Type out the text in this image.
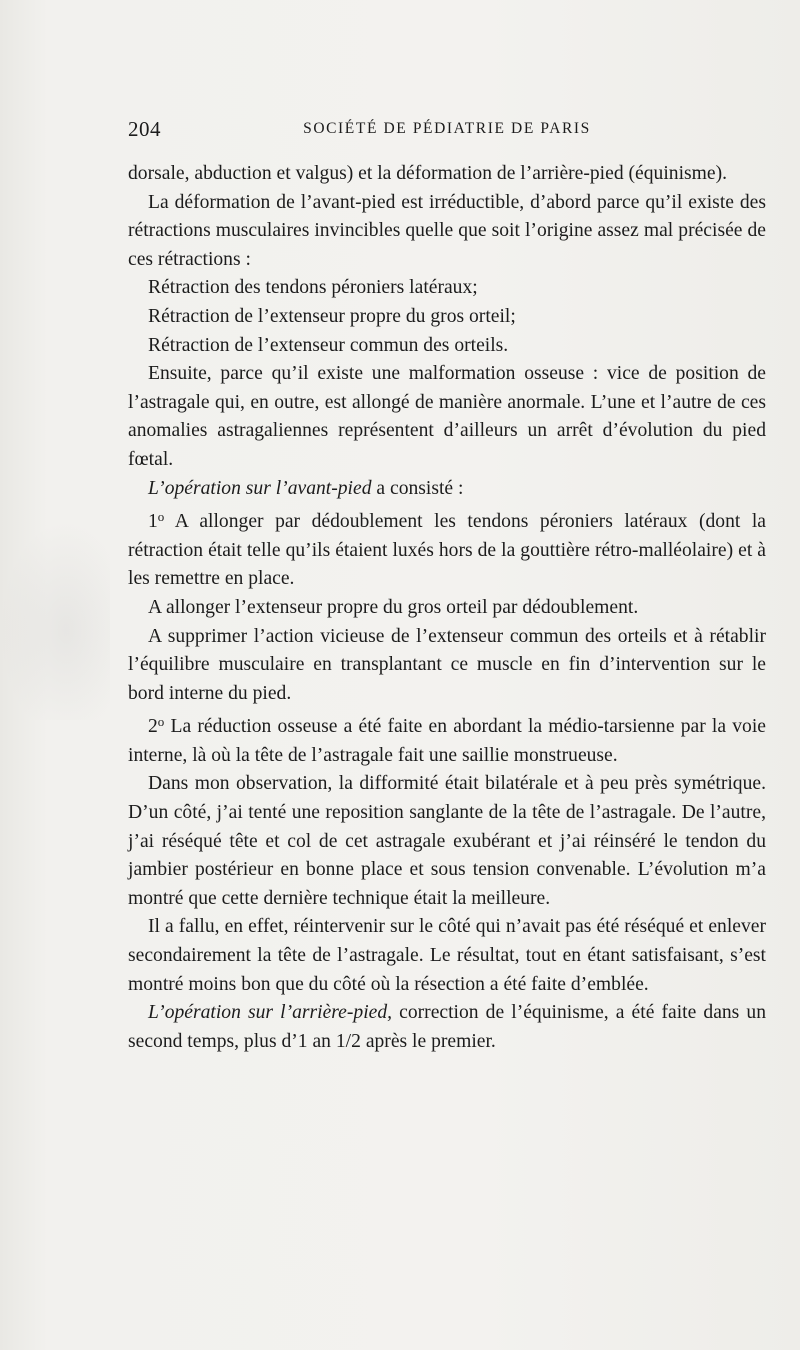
204	SOCIÉTÉ DE PÉDIATRIE DE PARIS

dorsale, abduction et valgus) et la déformation de l’arrière-pied (équinisme).

La déformation de l’avant-pied est irréductible, d’abord parce qu’il existe des rétractions musculaires invincibles quelle que soit l’origine assez mal précisée de ces rétractions :

Rétraction des tendons péroniers latéraux;

Rétraction de l’extenseur propre du gros orteil;

Rétraction de l’extenseur commun des orteils.

Ensuite, parce qu’il existe une malformation osseuse : vice de position de l’astragale qui, en outre, est allongé de manière anormale. L’une et l’autre de ces anomalies astragaliennes représentent d’ailleurs un arrêt d’évolution du pied fœtal.

L’opération sur l’avant-pied a consisté :

1$^o$ A allonger par dédoublement les tendons péroniers latéraux (dont la rétraction était telle qu’ils étaient luxés hors de la gouttière rétro-malléolaire) et à les remettre en place.

A allonger l’extenseur propre du gros orteil par dédoublement.

A supprimer l’action vicieuse de l’extenseur commun des orteils et à rétablir l’équilibre musculaire en transplantant ce muscle en fin d’intervention sur le bord interne du pied.

2$^o$ La réduction osseuse a été faite en abordant la médio-tarsienne par la voie interne, là où la tête de l’astragale fait une saillie monstrueuse.

Dans mon observation, la difformité était bilatérale et à peu près symétrique. D’un côté, j’ai tenté une reposition sanglante de la tête de l’astragale. De l’autre, j’ai réséqué tête et col de cet astragale exubérant et j’ai réinséré le tendon du jambier postérieur en bonne place et sous tension convenable. L’évolution m’a montré que cette dernière technique était la meilleure.

Il a fallu, en effet, réintervenir sur le côté qui n’avait pas été réséqué et enlever secondairement la tête de l’astragale. Le résultat, tout en étant satisfaisant, s’est montré moins bon que du côté où la résection a été faite d’emblée.

L’opération sur l’arrière-pied, correction de l’équinisme, a été faite dans un second temps, plus d’1 an 1/2 après le premier.
